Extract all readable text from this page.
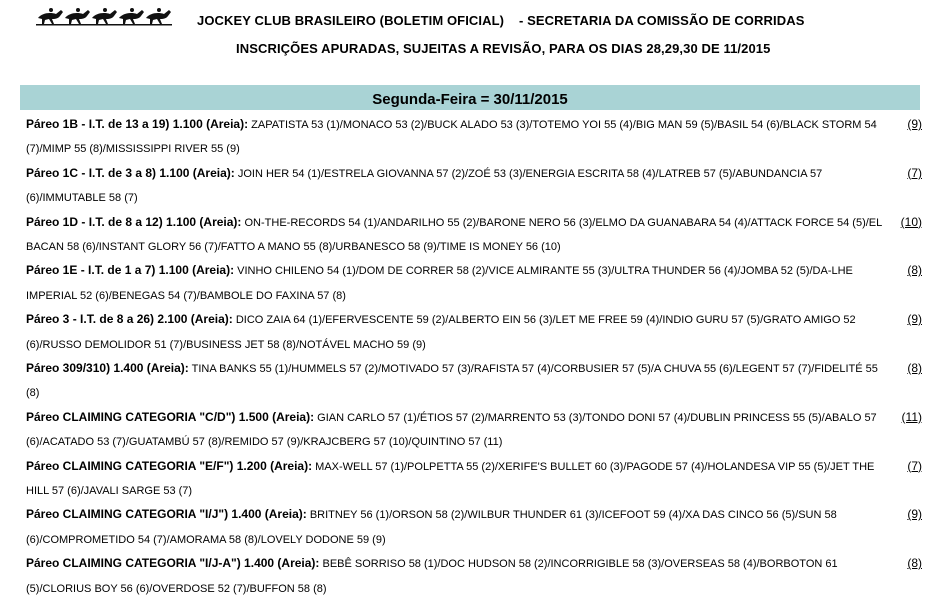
JOCKEY CLUB BRASILEIRO (BOLETIM OFICIAL)    - SECRETARIA DA COMISSÃO DE CORRIDAS
INSCRIÇÕES APURADAS, SUJEITAS A REVISÃO, PARA OS DIAS 28,29,30 DE 11/2015
Segunda-Feira = 30/11/2015
Páreo 1B - I.T. de 13 a 19) 1.100 (Areia): ZAPATISTA 53 (1)/MONACO 53 (2)/BUCK ALADO 53 (3)/TOTEMO YOI 55 (4)/BIG MAN 59 (5)/BASIL 54 (6)/BLACK STORM 54 (7)/MIMP 55 (8)/MISSISSIPPI RIVER 55 (9)
(9)
Páreo 1C - I.T. de 3 a 8) 1.100 (Areia): JOIN HER 54 (1)/ESTRELA GIOVANNA 57 (2)/ZOÉ 53 (3)/ENERGIA ESCRITA 58 (4)/LATREB 57 (5)/ABUNDANCIA 57 (6)/IMMUTABLE 58 (7)
(7)
Páreo 1D - I.T. de 8 a 12) 1.100 (Areia): ON-THE-RECORDS 54 (1)/ANDARILHO 55 (2)/BARONE NERO 56 (3)/ELMO DA GUANABARA 54 (4)/ATTACK FORCE 54 (5)/EL BACAN 58 (6)/INSTANT GLORY 56 (7)/FATTO A MANO 55 (8)/URBANESCO 58 (9)/TIME IS MONEY 56 (10)
(10)
Páreo 1E - I.T. de 1 a 7) 1.100 (Areia): VINHO CHILENO 54 (1)/DOM DE CORRER 58 (2)/VICE ALMIRANTE 55 (3)/ULTRA THUNDER 56 (4)/JOMBA 52 (5)/DA-LHE IMPERIAL 52 (6)/BENEGAS 54 (7)/BAMBOLE DO FAXINA 57 (8)
(8)
Páreo 3 - I.T. de 8 a 26) 2.100 (Areia): DICO ZAIA 64 (1)/EFERVESCENTE 59 (2)/ALBERTO EIN 56 (3)/LET ME FREE 59 (4)/INDIO GURU 57 (5)/GRATO AMIGO 52 (6)/RUSSO DEMOLIDOR 51 (7)/BUSINESS JET 58 (8)/NOTÁVEL MACHO 59 (9)
(9)
Páreo 309/310) 1.400 (Areia): TINA BANKS 55 (1)/HUMMELS 57 (2)/MOTIVADO 57 (3)/RAFISTA 57 (4)/CORBUSIER 57 (5)/A CHUVA 55 (6)/LEGENT 57 (7)/FIDELITÉ 55 (8)
(8)
Páreo CLAIMING CATEGORIA "C/D") 1.500 (Areia): GIAN CARLO 57 (1)/ÉTIOS 57 (2)/MARRENTO 53 (3)/TONDO DONI 57 (4)/DUBLIN PRINCESS 55 (5)/ABALO 57 (6)/ACATADO 53 (7)/GUATAMBÚ 57 (8)/REMIDO 57 (9)/KRAJCBERG 57 (10)/QUINTINO 57 (11)
(11)
Páreo CLAIMING CATEGORIA "E/F") 1.200 (Areia): MAX-WELL 57 (1)/POLPETTA 55 (2)/XERIFE'S BULLET 60 (3)/PAGODE 57 (4)/HOLANDESA VIP 55 (5)/JET THE HILL 57 (6)/JAVALI SARGE 53 (7)
(7)
Páreo CLAIMING CATEGORIA "I/J") 1.400 (Areia): BRITNEY 56 (1)/ORSON 58 (2)/WILBUR THUNDER 61 (3)/ICEFOOT 59 (4)/XA DAS CINCO 56 (5)/SUN 58 (6)/COMPROMETIDO 54 (7)/AMORAMA 58 (8)/LOVELY DODONE 59 (9)
(9)
Páreo CLAIMING CATEGORIA "I/J-A") 1.400 (Areia): BEBÊ SORRISO 58 (1)/DOC HUDSON 58 (2)/INCORRIGIBLE 58 (3)/OVERSEAS 58 (4)/BORBOTON 61 (5)/CLORIUS BOY 56 (6)/OVERDOSE 52 (7)/BUFFON 58 (8)
(8)
